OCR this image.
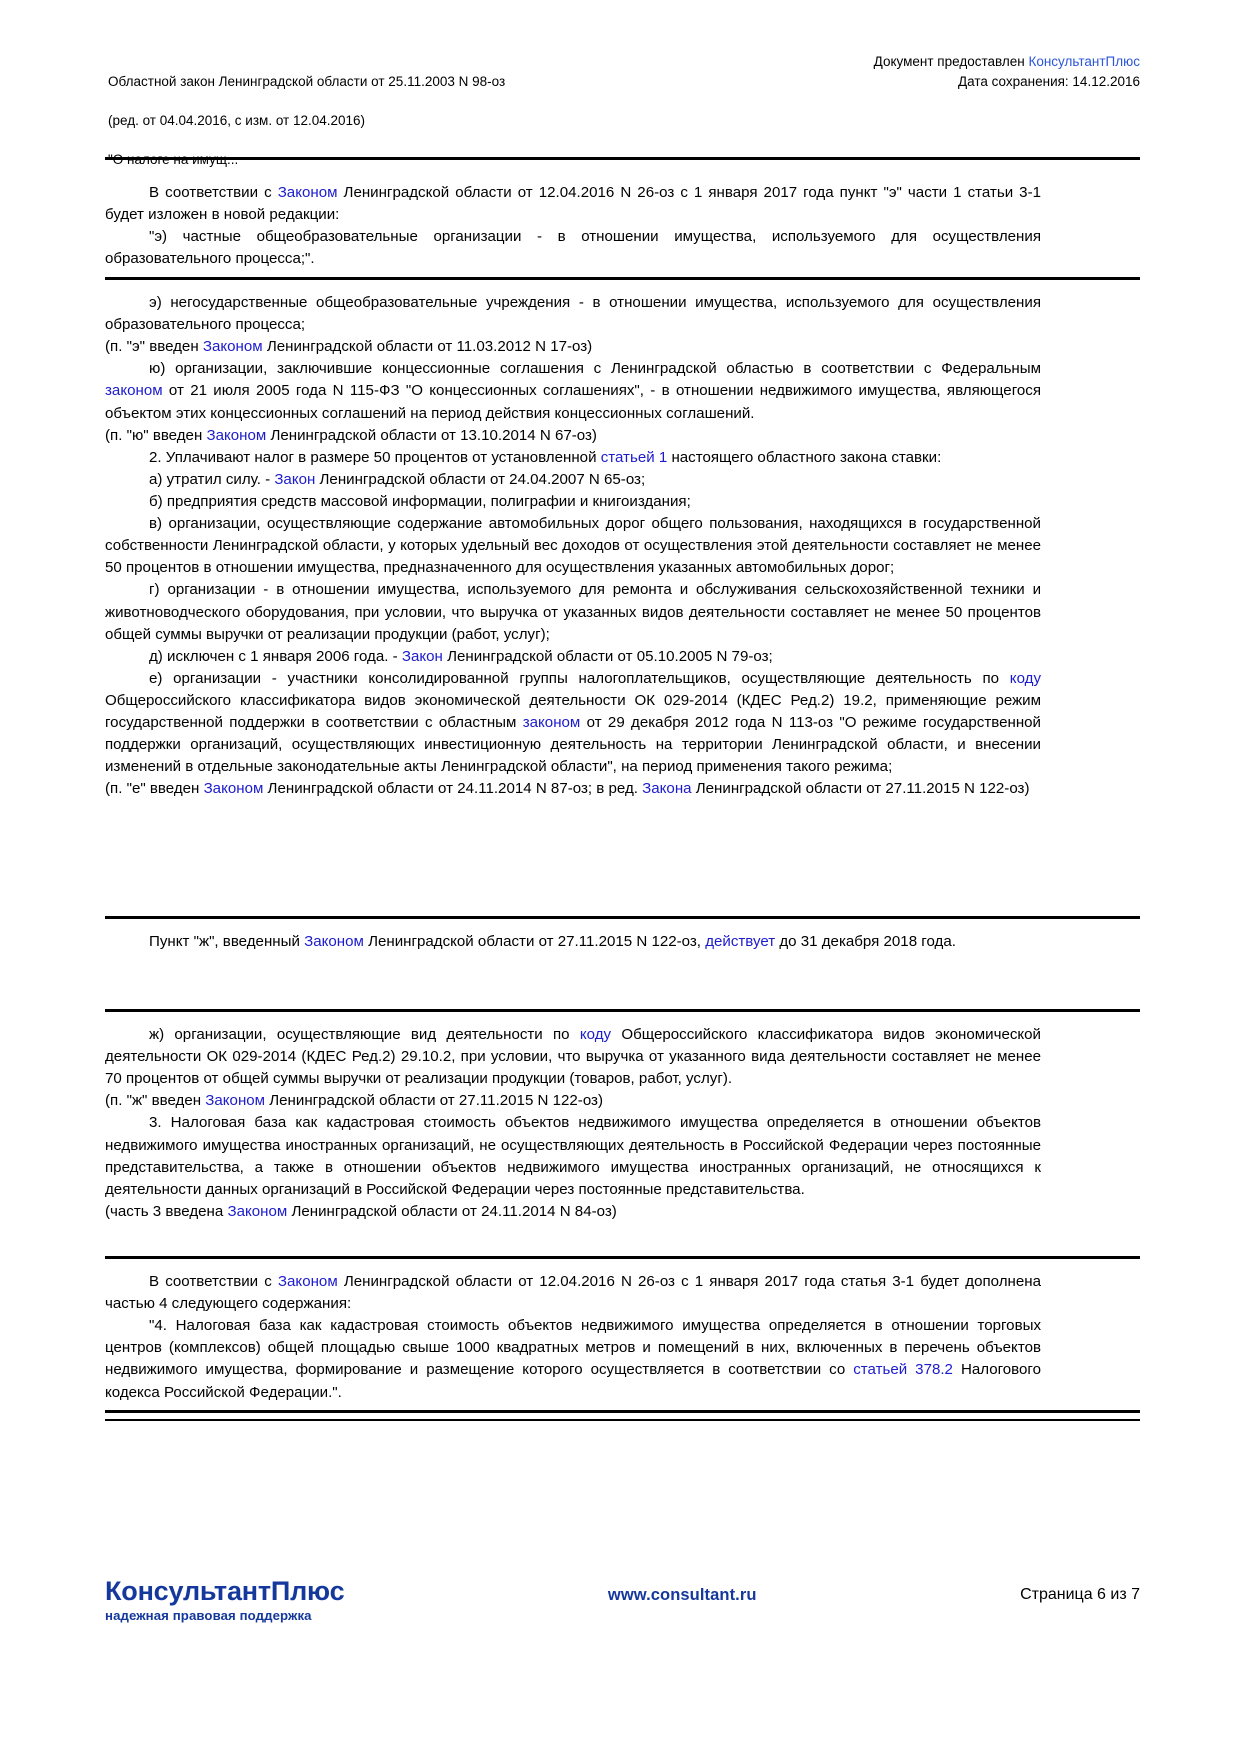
Областной закон Ленинградской области от 25.11.2003 N 98-оз

(ред. от 04.04.2016, с изм. от 12.04.2016)

"О налоге на имущ...

Документ предоставлен КонсультантПлюс
Дата сохранения: 14.12.2016

В соответствии с Законом Ленинградской области от 12.04.2016 N 26-оз с 1 января 2017 года пункт "э" части 1 статьи 3-1 будет изложен в новой редакции:

"э) частные общеобразовательные организации - в отношении имущества, используемого для осуществления образовательного процесса;".

э) негосударственные общеобразовательные учреждения - в отношении имущества, используемого для осуществления образовательного процесса;

(п. "э" введен Законом Ленинградской области от 11.03.2012 N 17-оз)

ю) организации, заключившие концессионные соглашения с Ленинградской областью в соответствии с Федеральным законом от 21 июля 2005 года N 115-ФЗ "О концессионных соглашениях", - в отношении недвижимого имущества, являющегося объектом этих концессионных соглашений на период действия концессионных соглашений.

(п. "ю" введен Законом Ленинградской области от 13.10.2014 N 67-оз)

2. Уплачивают налог в размере 50 процентов от установленной статьей 1 настоящего областного закона ставки:

а) утратил силу. - Закон Ленинградской области от 24.04.2007 N 65-оз;

б) предприятия средств массовой информации, полиграфии и книгоиздания;

в) организации, осуществляющие содержание автомобильных дорог общего пользования, находящихся в государственной собственности Ленинградской области, у которых удельный вес доходов от осуществления этой деятельности составляет не менее 50 процентов в отношении имущества, предназначенного для осуществления указанных автомобильных дорог;

г) организации - в отношении имущества, используемого для ремонта и обслуживания сельскохозяйственной техники и животноводческого оборудования, при условии, что выручка от указанных видов деятельности составляет не менее 50 процентов общей суммы выручки от реализации продукции (работ, услуг);

д) исключен с 1 января 2006 года. - Закон Ленинградской области от 05.10.2005 N 79-оз;

е) организации - участники консолидированной группы налогоплательщиков, осуществляющие деятельность по коду Общероссийского классификатора видов экономической деятельности ОК 029-2014 (КДЕС Ред.2) 19.2, применяющие режим государственной поддержки в соответствии с областным законом от 29 декабря 2012 года N 113-оз "О режиме государственной поддержки организаций, осуществляющих инвестиционную деятельность на территории Ленинградской области, и внесении изменений в отдельные законодательные акты Ленинградской области", на период применения такого режима;

(п. "е" введен Законом Ленинградской области от 24.11.2014 N 87-оз; в ред. Закона Ленинградской области от 27.11.2015 N 122-оз)

Пункт "ж", введенный Законом Ленинградской области от 27.11.2015 N 122-оз, действует до 31 декабря 2018 года.

ж) организации, осуществляющие вид деятельности по коду Общероссийского классификатора видов экономической деятельности ОК 029-2014 (КДЕС Ред.2) 29.10.2, при условии, что выручка от указанного вида деятельности составляет не менее 70 процентов от общей суммы выручки от реализации продукции (товаров, работ, услуг).

(п. "ж" введен Законом Ленинградской области от 27.11.2015 N 122-оз)

3. Налоговая база как кадастровая стоимость объектов недвижимого имущества определяется в отношении объектов недвижимого имущества иностранных организаций, не осуществляющих деятельность в Российской Федерации через постоянные представительства, а также в отношении объектов недвижимого имущества иностранных организаций, не относящихся к деятельности данных организаций в Российской Федерации через постоянные представительства.

(часть 3 введена Законом Ленинградской области от 24.11.2014 N 84-оз)

В соответствии с Законом Ленинградской области от 12.04.2016 N 26-оз с 1 января 2017 года статья 3-1 будет дополнена частью 4 следующего содержания:

"4. Налоговая база как кадастровая стоимость объектов недвижимого имущества определяется в отношении торговых центров (комплексов) общей площадью свыше 1000 квадратных метров и помещений в них, включенных в перечень объектов недвижимого имущества, формирование и размещение которого осуществляется в соответствии со статьей 378.2 Налогового кодекса Российской Федерации.".

КонсультантПлюс
надежная правовая поддержка
www.consultant.ru	Страница 6 из 7
